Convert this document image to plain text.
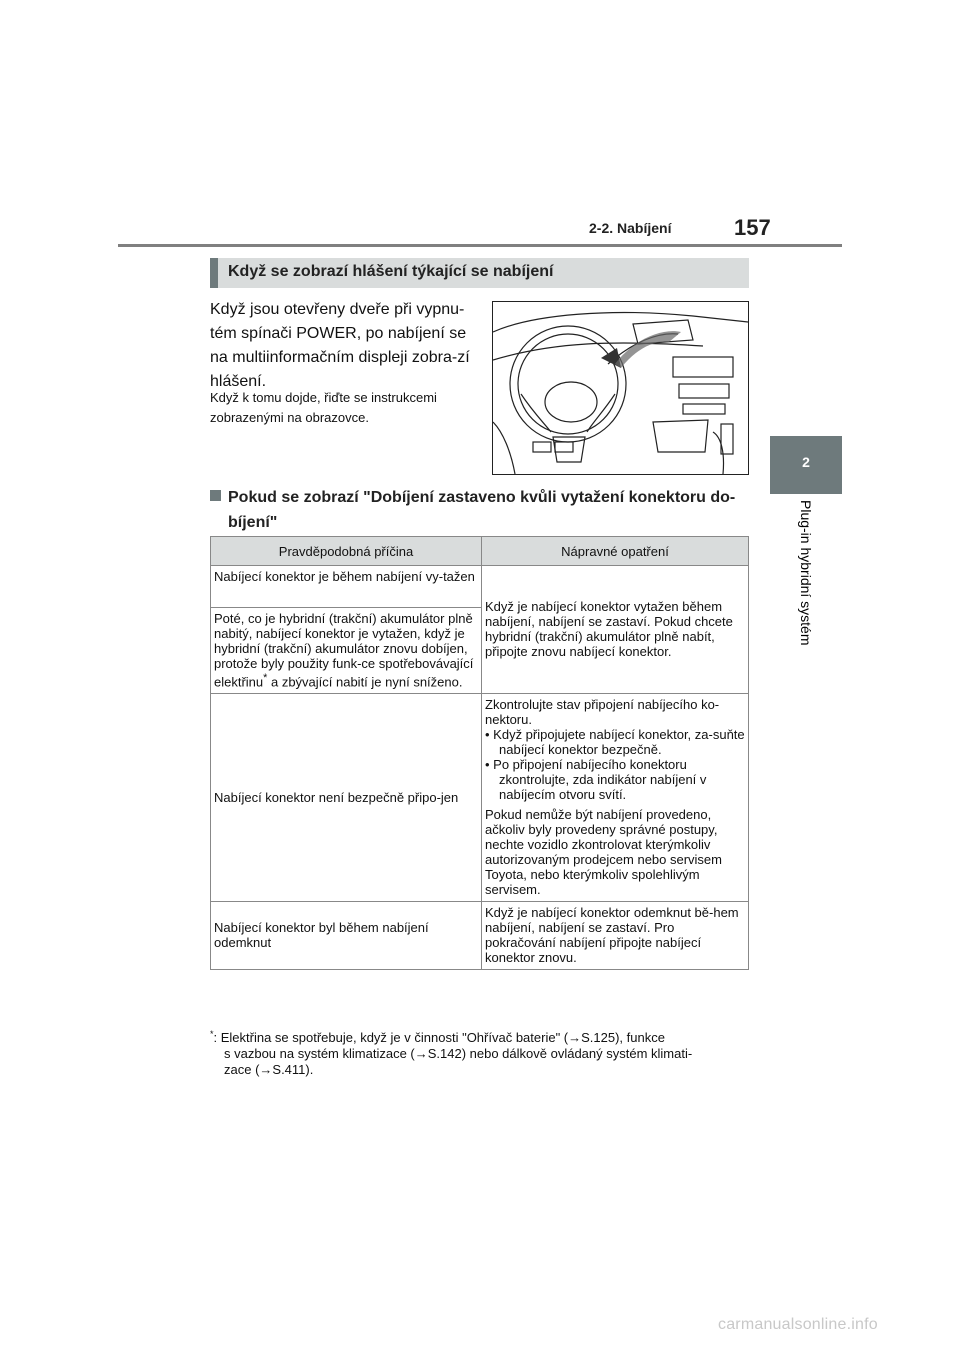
2-2. Nabíjení	157
2
Plug-in hybridní systém
Když se zobrazí hlášení týkající se nabíjení
Když jsou otevřeny dveře při vypnu-tém spínači POWER, po nabíjení se na multiinformačním displeji zobra-zí hlášení.
Když k tomu dojde, řiďte se instrukcemi zobrazenými na obrazovce.
Pokud se zobrazí "Dobíjení zastaveno kvůli vytažení konektoru do-
bíjení"
Pravděpodobná příčina	Nápravné opatření
Nabíjecí konektor je během nabíjení vy-tažen	Když je nabíjecí konektor vytažen během nabíjení, nabíjení se zastaví. Pokud chcete hybridní (trakční) akumulátor plně nabít, připojte znovu nabíjecí konektor.
Poté, co je hybridní (trakční) akumulátor plně nabitý, nabíjecí konektor je vytažen, když je hybridní (trakční) akumulátor znovu dobíjen, protože byly použity funk-ce spotřebovávající elektřinu* a zbývající nabití je nyní sníženo.	
Nabíjecí konektor není bezpečně připo-jen	Zkontrolujte stav připojení nabíjecího ko-nektoru.
• Když připojujete nabíjecí konektor, za-suňte nabíjecí konektor bezpečně.
• Po připojení nabíjecího konektoru zkontrolujte, zda indikátor nabíjení v nabíjecím otvoru svítí.
Pokud nemůže být nabíjení provedeno, ačkoliv byly provedeny správné postupy, nechte vozidlo zkontrolovat kterýmkoliv autorizovaným prodejcem nebo servisem Toyota, nebo kterýmkoliv spolehlivým servisem.

Nabíjecí konektor byl během nabíjení odemknut	Když je nabíjecí konektor odemknut bě-hem nabíjení, nabíjení se zastaví. Pro pokračování nabíjení připojte nabíjecí konektor znovu.
*: Elektřina se spotřebuje, když je v činnosti "Ohřívač baterie" (→S.125), funkce
s vazbou na systém klimatizace (→S.142) nebo dálkově ovládaný systém klimati-
zace (→S.411).
carmanualsonline.info
